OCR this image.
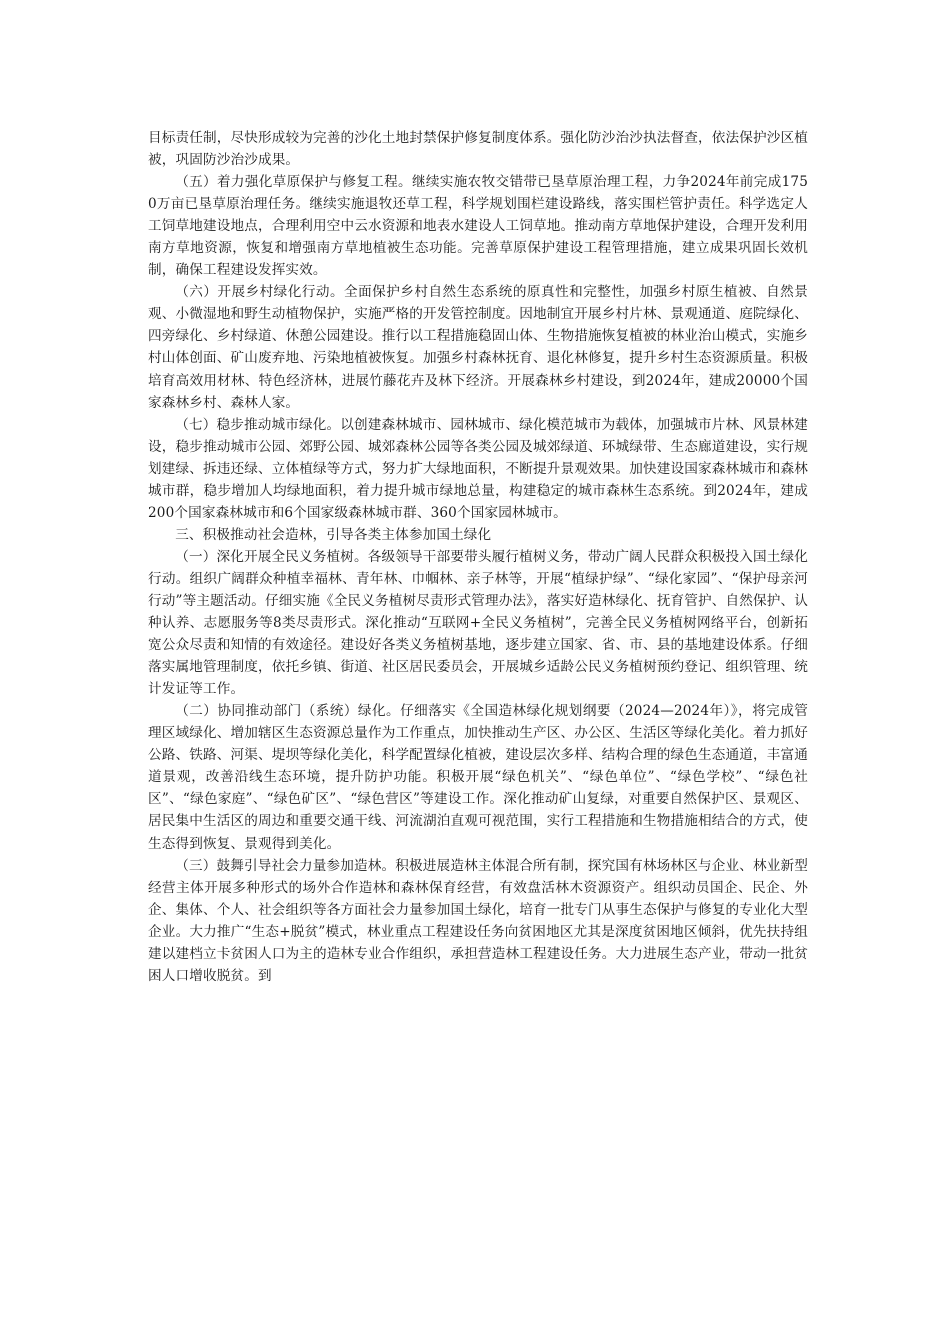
目标责任制，尽快形成较为完善的沙化土地封禁保护修复制度体系。强化防沙治沙执法督查，依法保护沙区植被，巩固防沙治沙成果。

（五）着力强化草原保护与修复工程。继续实施农牧交错带已垦草原治理工程，力争2024年前完成1750万亩已垦草原治理任务。继续实施退牧还草工程，科学规划围栏建设路线，落实围栏管护责任。科学选定人工饲草地建设地点，合理利用空中云水资源和地表水建设人工饲草地。推动南方草地保护建设，合理开发利用南方草地资源，恢复和增强南方草地植被生态功能。完善草原保护建设工程管理措施，建立成果巩固长效机制，确保工程建设发挥实效。

（六）开展乡村绿化行动。全面保护乡村自然生态系统的原真性和完整性，加强乡村原生植被、自然景观、小微湿地和野生动植物保护，实施严格的开发管控制度。因地制宜开展乡村片林、景观通道、庭院绿化、四旁绿化、乡村绿道、休憩公园建设。推行以工程措施稳固山体、生物措施恢复植被的林业治山模式，实施乡村山体创面、矿山废弃地、污染地植被恢复。加强乡村森林抚育、退化林修复，提升乡村生态资源质量。积极培育高效用材林、特色经济林，进展竹藤花卉及林下经济。开展森林乡村建设，到2024年，建成20000个国家森林乡村、森林人家。

（七）稳步推动城市绿化。以创建森林城市、园林城市、绿化模范城市为载体，加强城市片林、风景林建设，稳步推动城市公园、郊野公园、城郊森林公园等各类公园及城郊绿道、环城绿带、生态廊道建设，实行规划建绿、拆违还绿、立体植绿等方式，努力扩大绿地面积，不断提升景观效果。加快建设国家森林城市和森林城市群，稳步增加人均绿地面积，着力提升城市绿地总量，构建稳定的城市森林生态系统。到2024年，建成200个国家森林城市和6个国家级森林城市群、360个国家园林城市。

三、积极推动社会造林，引导各类主体参加国土绿化

（一）深化开展全民义务植树。各级领导干部要带头履行植树义务，带动广阔人民群众积极投入国土绿化行动。组织广阔群众种植幸福林、青年林、巾帼林、亲子林等，开展“植绿护绿”、“绿化家园”、“保护母亲河行动”等主题活动。仔细实施《全民义务植树尽责形式管理办法》，落实好造林绿化、抚育管护、自然保护、认种认养、志愿服务等8类尽责形式。深化推动“互联网+全民义务植树”，完善全民义务植树网络平台，创新拓宽公众尽责和知情的有效途径。建设好各类义务植树基地，逐步建立国家、省、市、县的基地建设体系。仔细落实属地管理制度，依托乡镇、街道、社区居民委员会，开展城乡适龄公民义务植树预约登记、组织管理、统计发证等工作。

（二）协同推动部门（系统）绿化。仔细落实《全国造林绿化规划纲要（2024—2024年）》，将完成管理区域绿化、增加辖区生态资源总量作为工作重点，加快推动生产区、办公区、生活区等绿化美化。着力抓好公路、铁路、河渠、堤坝等绿化美化，科学配置绿化植被，建设层次多样、结构合理的绿色生态通道，丰富通道景观，改善沿线生态环境，提升防护功能。积极开展“绿色机关”、“绿色单位”、“绿色学校”、“绿色社区”、“绿色家庭”、“绿色矿区”、“绿色营区”等建设工作。深化推动矿山复绿，对重要自然保护区、景观区、居民集中生活区的周边和重要交通干线、河流湖泊直观可视范围，实行工程措施和生物措施相结合的方式，使生态得到恢复、景观得到美化。

（三）鼓舞引导社会力量参加造林。积极进展造林主体混合所有制，探究国有林场林区与企业、林业新型经营主体开展多种形式的场外合作造林和森林保育经营，有效盘活林木资源资产。组织动员国企、民企、外企、集体、个人、社会组织等各方面社会力量参加国土绿化，培育一批专门从事生态保护与修复的专业化大型企业。大力推广“生态+脱贫”模式，林业重点工程建设任务向贫困地区尤其是深度贫困地区倾斜，优先扶持组建以建档立卡贫困人口为主的造林专业合作组织，承担营造林工程建设任务。大力进展生态产业，带动一批贫困人口增收脱贫。到
